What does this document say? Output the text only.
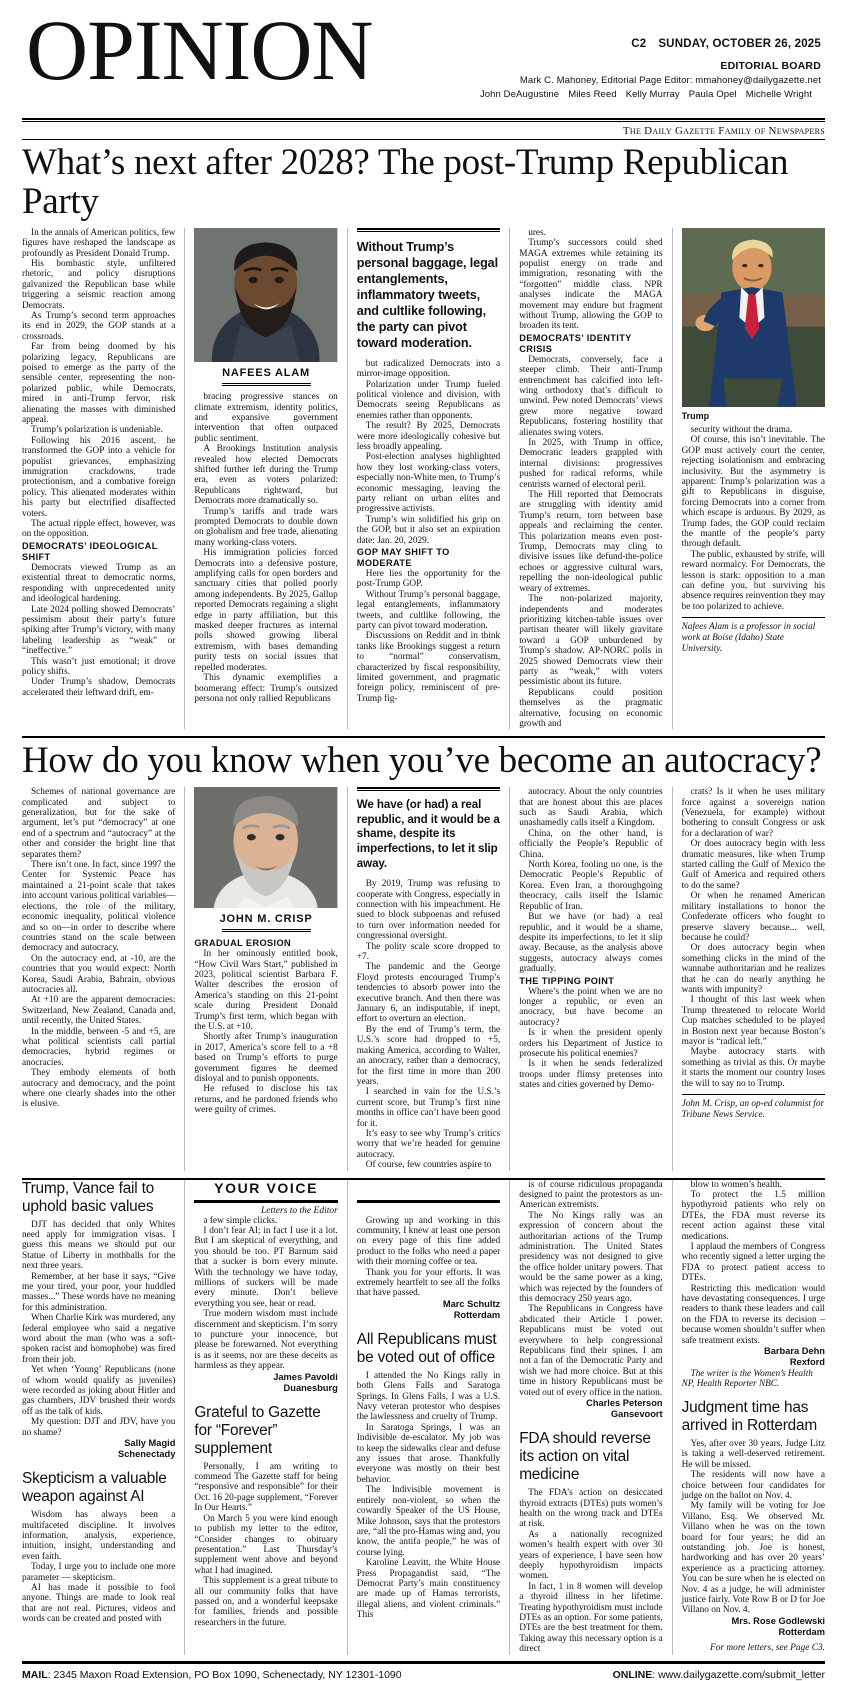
OPINION	C2 SUNDAY, OCTOBER 26, 2025
EDITORIAL BOARD
Mark C. Mahoney, Editorial Page Editor: mmahoney@dailygazette.net
John DeAugustine Miles Reed Kelly Murray Paula Opel Michelle Wright
The Daily Gazette Family of Newspapers
What’s next after 2028? The post-Trump Republican Party

In the annals of American politics, few figures have reshaped the landscape as profoundly as President Donald Trump.

His bombastic style, unfiltered rhetoric, and policy disruptions galvanized the Republican base while triggering a seismic reaction among Democrats.

As Trump’s second term approaches its end in 2029, the GOP stands at a crossroads.

Far from being doomed by his polarizing legacy, Republicans are poised to emerge as the party of the sensible center, representing the non-polarized public, while Democrats, mired in anti-Trump fervor, risk alienating the masses with diminished appeal.

Trump’s polarization is undeniable.

Following his 2016 ascent, he transformed the GOP into a vehicle for populist grievances, emphasizing immigration crackdowns, trade protectionism, and a combative foreign policy. This alienated moderates within his party but electrified disaffected voters.

The actual ripple effect, however, was on the opposition.

DEMOCRATS’ IDEOLOGICAL SHIFT

Democrats viewed Trump as an existential threat to democratic norms, responding with unprecedented unity and ideological hardening.

Late 2024 polling showed Democrats’ pessimism about their party’s future spiking after Trump’s victory, with many labeling leadership as “weak” or “ineffective.”

This wasn’t just emotional; it drove policy shifts.

Under Trump’s shadow, Democrats accelerated their leftward drift, em-

NAFEES ALAM

bracing progressive stances on climate extremism, identity politics, and expansive government intervention that often outpaced public sentiment.

A Brookings Institution analysis revealed how elected Democrats shifted further left during the Trump era, even as voters polarized: Republicans rightward, but Democrats more dramatically so.

Trump’s tariffs and trade wars prompted Democrats to double down on globalism and free trade, alienating many working-class voters.

His immigration policies forced Democrats into a defensive posture, amplifying calls for open borders and sanctuary cities that polled poorly among independents. By 2025, Gallup reported Democrats regaining a slight edge in party affiliation, but this masked deeper fractures as internal polls showed growing liberal extremism, with bases demanding purity tests on social issues that repelled moderates.

This dynamic exemplifies a boomerang effect: Trump’s outsized persona not only rallied Republicans

Without Trump’s personal baggage, legal entanglements, inflammatory tweets, and cultlike following, the party can pivot toward moderation.

but radicalized Democrats into a mirror-image opposition.

Polarization under Trump fueled political violence and division, with Democrats seeing Republicans as enemies rather than opponents.

The result? By 2025, Democrats were more ideologically cohesive but less broadly appealing.

Post-election analyses highlighted how they lost working-class voters, especially non-White men, to Trump’s economic messaging, leaving the party reliant on urban elites and progressive activists.

Trump’s win solidified his grip on the GOP, but it also set an expiration date: Jan. 20, 2029.

GOP MAY SHIFT TO MODERATE

Here lies the opportunity for the post-Trump GOP.

Without Trump’s personal baggage, legal entanglements, inflammatory tweets, and cultlike following, the party can pivot toward moderation.

Discussions on Reddit and in think tanks like Brookings suggest a return to “normal” conservatism, characterized by fiscal responsibility, limited government, and pragmatic foreign policy, reminiscent of pre-Trump fig-

ures.

Trump’s successors could shed MAGA extremes while retaining its populist energy on trade and immigration, resonating with the “forgotten” middle class. NPR analyses indicate the MAGA movement may endure but fragment without Trump, allowing the GOP to broaden its tent.

DEMOCRATS’ IDENTITY CRISIS

Democrats, conversely, face a steeper climb. Their anti-Trump entrenchment has calcified into left-wing orthodoxy that’s difficult to unwind. Pew noted Democrats’ views grew more negative toward Republicans, fostering hostility that alienates swing voters.

In 2025, with Trump in office, Democratic leaders grappled with internal divisions: progressives pushed for radical reforms, while centrists warned of electoral peril.

The Hill reported that Democrats are struggling with identity amid Trump’s return, torn between base appeals and reclaiming the center. This polarization means even post-Trump, Democrats may cling to divisive issues like defund-the-police echoes or aggressive cultural wars, repelling the non-ideological public weary of extremes.

The non-polarized majority, independents and moderates prioritizing kitchen-table issues over partisan theater will likely gravitate toward a GOP unburdened by Trump’s shadow. AP-NORC polls in 2025 showed Democrats view their party as “weak,” with voters pessimistic about its future.

Republicans could position themselves as the pragmatic alternative, focusing on economic growth and

Trump

security without the drama.

Of course, this isn’t inevitable. The GOP must actively court the center, rejecting isolationism and embracing inclusivity. But the asymmetry is apparent: Trump’s polarization was a gift to Republicans in disguise, forcing Democrats into a corner from which escape is arduous. By 2029, as Trump fades, the GOP could reclaim the mantle of the people’s party through default.

The public, exhausted by strife, will reward normalcy. For Democrats, the lesson is stark: opposition to a man can define you, but surviving his absence requires reinvention they may be too polarized to achieve.

Nafees Alam is a professor in social work at Boise (Idaho) State University.
How do you know when you’ve become an autocracy?

Schemes of national governance are complicated and subject to generalization, but for the sake of argument, let’s put “democracy” at one end of a spectrum and “autocracy” at the other and consider the bright line that separates them?

There isn’t one. In fact, since 1997 the Center for Systemic Peace has maintained a 21-point scale that takes into account various political variables—elections, the role of the military, economic inequality, political violence and so on—in order to describe where countries stand on the scale between democracy and autocracy.

On the autocracy end, at -10, are the countries that you would expect: North Korea, Saudi Arabia, Bahrain, obvious autocracies all.

At +10 are the apparent democracies: Switzerland, New Zealand, Canada and, until recently, the United States.

In the middle, between -5 and +5, are what political scientists call partial democracies, hybrid regimes or anocracies.

They embody elements of both autocracy and democracy, and the point where one clearly shades into the other is elusive.

JOHN M. CRISP
GRADUAL EROSION

In her ominously entitled book, “How Civil Wars Start,” published in 2023, political scientist Barbara F. Walter describes the erosion of America’s standing on this 21-point scale during President Donald Trump’s first term, which began with the U.S. at +10.

Shortly after Trump’s inauguration in 2017, America’s score fell to a +8 based on Trump’s efforts to purge government figures he deemed disloyal and to punish opponents.

He refused to disclose his tax returns, and he pardoned friends who were guilty of crimes.

We have (or had) a real republic, and it would be a shame, despite its imperfections, to let it slip away.

By 2019, Trump was refusing to cooperate with Congress, especially in connection with his impeachment. He sued to block subpoenas and refused to turn over information needed for congressional oversight.

The polity scale score dropped to +7.

The pandemic and the George Floyd protests encouraged Trump’s tendencies to absorb power into the executive branch. And then there was January 6, an indisputable, if inept, effort to overturn an election.

By the end of Trump’s term, the U.S.’s score had dropped to +5, making America, according to Walter, an anocracy, rather than a democracy, for the first time in more than 200 years.

I searched in vain for the U.S.’s current score, but Trump’s first nine months in office can’t have been good for it.

It’s easy to see why Trump’s critics worry that we’re headed for genuine autocracy.

Of course, few countries aspire to

autocracy. About the only countries that are honest about this are places such as Saudi Arabia, which unashamedly calls itself a Kingdom.

China, on the other hand, is officially the People’s Republic of China.

North Korea, fooling no one, is the Democratic People’s Republic of Korea. Even Iran, a thoroughgoing theocracy, calls itself the Islamic Republic of Iran.

But we have (or had) a real republic, and it would be a shame, despite its imperfections, to let it slip away. Because, as the analysis above suggests, autocracy always comes gradually.

THE TIPPING POINT

Where’s the point when we are no longer a republic, or even an anocracy, but have become an autocracy?

Is it when the president openly orders his Department of Justice to prosecute his political enemies?

Is it when he sends federalized troops under flimsy pretenses into states and cities governed by Demo-

crats? Is it when he uses military force against a sovereign nation (Venezuela, for example) without bothering to consult Congress or ask for a declaration of war?

Or does autocracy begin with less dramatic measures, like when Trump started calling the Gulf of Mexico the Gulf of America and required others to do the same?

Or when he renamed American military installations to honor the Confederate officers who fought to preserve slavery because... well, because he could?

Or does autocracy begin when something clicks in the mind of the wannabe authoritarian and he realizes that he can do nearly anything he wants with impunity?

I thought of this last week when Trump threatened to relocate World Cup matches scheduled to be played in Boston next year because Boston’s mayor is “radical left.”

Maybe autocracy starts with something as trivial as this. Or maybe it starts the moment our country loses the will to say no to Trump.

John M. Crisp, an op-ed columnist for Tribune News Service.
Trump, Vance fail to uphold basic values

DJT has decided that only Whites need apply for immigration visas. I guess this means we should put our Statue of Liberty in mothballs for the next three years.

Remember, at her base it says, “Give me your tired, your poor, your huddled masses...” These words have no meaning for this administration.

When Charlie Kirk was murdered, any federal employee who said a negative word about the man (who was a soft-spoken racist and homophobe) was fired from their job.

Yet when ‘Young’ Republicans (none of whom would qualify as juveniles) were recorded as joking about Hitler and gas chambers, JDV brushed their words off as the talk of kids.

My question: DJT and JDV, have you no shame?

Sally Magid
Schenectady
Skepticism a valuable weapon against AI

Wisdom has always been a multifaceted discipline. It involves information, analysis, experience, intuition, insight, understanding and even faith.

Today, I urge you to include one more parameter — skepticism.

AI has made it possible to fool anyone. Things are made to look real that are not real. Pictures, videos and words can be created and posted with

YOUR VOICE
Letters to the Editor

a few simple clicks.

I don’t fear AI; in fact I use it a lot. But I am skeptical of everything, and you should be too. PT Barnum said that a sucker is born every minute. With the technology we have today, millions of suckers will be made every minute. Don’t believe everything you see, hear or read.

True modern wisdom must include discernment and skepticism. I’m sorry to puncture your innocence, but please be forewarned. Not everything is as it seems, nor are these deceits as harmless as they appear.

James Pavoldi
Duanesburg
Grateful to Gazette for “Forever” supplement

Personally, I am writing to commend The Gazette staff for being “responsive and responsible” for their Oct. 16 20-page supplement, “Forever In Our Hearts.”

On March 5 you were kind enough to publish my letter to the editor, “Consider changes to obituary presentation.” Last Thursday’s supplement went above and beyond what I had imagined.

This supplement is a great tribute to all our community folks that have passed on, and a wonderful keepsake for families, friends and possible researchers in the future.

Growing up and working in this community, I knew at least one person on every page of this fine added product to the folks who need a paper with their morning coffee or tea.

Thank you for your efforts. It was extremely heartfelt to see all the folks that have passed.

Marc Schultz
Rotterdam
All Republicans must be voted out of office

I attended the No Kings rally in both Glens Falls and Saratoga Springs. In Glens Falls, I was a U.S. Navy veteran protestor who despises the lawlessness and cruelty of Trump.

In Saratoga Springs, I was an Indivisible de-escalator. My job was to keep the sidewalks clear and defuse any issues that arose. Thankfully everyone was mostly on their best behavior.

The Indivisible movement is entirely non-violent, so when the cowardly Speaker of the US House, Mike Johnson, says that the protestors are, “all the pro-Hamas wing and, you know, the antifa people,” he was of course lying.

Karoline Leavitt, the White House Press Propagandist said, “The Democrat Party’s main constituency are made up of Hamas terrorists, illegal aliens, and violent criminals.” This

is of course ridiculous propaganda designed to paint the protestors as un-American extremists.

The No Kings rally was an expression of concern about the authoritarian actions of the Trump administration. The United States presidency was not designed to give the office holder unitary powers. That would be the same power as a king, which was rejected by the founders of this democracy 250 years ago.

The Republicans in Congress have abdicated their Article 1 power. Republicans must be voted out everywhere to help congressional Republicans find their spines. I am not a fan of the Democratic Party and wish we had more choice. But at this time in history Republicans must be voted out of every office in the nation.

Charles Peterson
Gansevoort
FDA should reverse its action on vital medicine

The FDA’s action on desiccated thyroid extracts (DTEs) puts women’s health on the wrong track and DTEs at risk.

As a nationally recognized women’s health expert with over 30 years of experience, I have seen how deeply hypothyroidism impacts women.

In fact, 1 in 8 women will develop a thyroid illness in her lifetime. Treating hypothyroidism must include DTEs as an option. For some patients, DTEs are the best treatment for them. Taking away this necessary option is a direct

blow to women’s health.

To protect the 1.5 million hypothyroid patients who rely on DTEs, the FDA must reverse its recent action against these vital medications.

I applaud the members of Congress who recently signed a letter urging the FDA to protect patient access to DTEs.

Restricting this medication would have devastating consequences. I urge readers to thank these leaders and call on the FDA to reverse its decision – because women shouldn’t suffer when safe treatment exists.

Barbara Dehn
Rexford
The writer is the Women’s Health NP, Health Reporter NBC.
Judgment time has arrived in Rotterdam

Yes, after over 30 years, Judge Litz is taking a well-deserved retirement. He will be missed.

The residents will now have a choice between four candidates for judge on the ballot on Nov. 4.

My family will be voting for Joe Villano, Esq. We observed Mr. Villano when he was on the town board for four years; he did an outstanding job. Joe is honest, hardworking and has over 20 years’ experience as a practicing attorney. You can be sure when he is elected on Nov. 4 as a judge, he will administer justice fairly. Vote Row B or D for Joe Villano on Nov. 4.

Mrs. Rose Godlewski
Rotterdam
For more letters, see Page C3.
MAIL: 2345 Maxon Road Extension, PO Box 1090, Schenectady, NY 12301-1090	ONLINE: www.dailygazette.com/submit_letter
